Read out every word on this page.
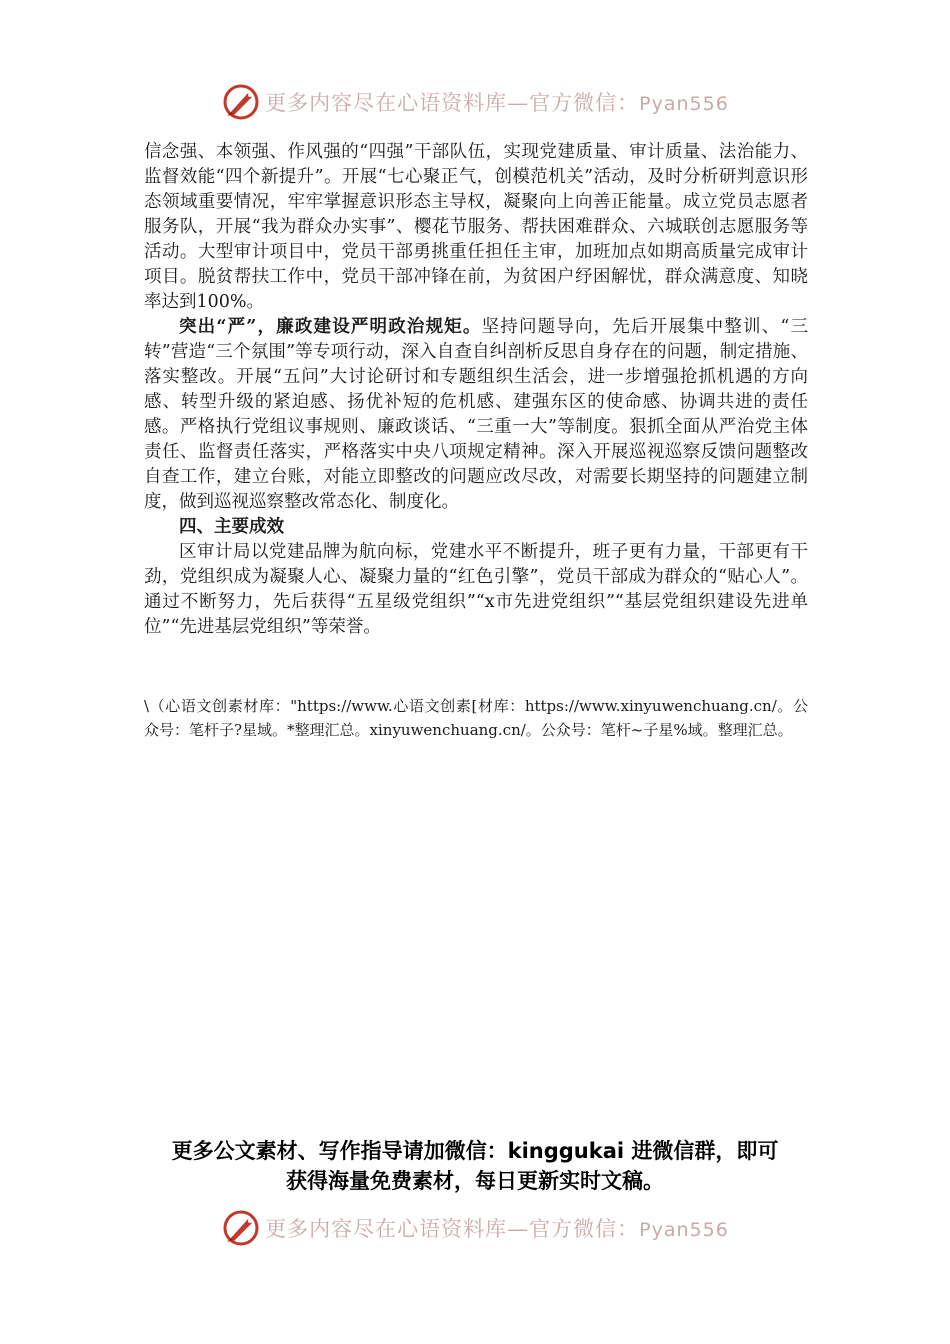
更多内容尽在心语资料库—官方微信：Pyan556

信念强、本领强、作风强的“四强”干部队伍，实现党建质量、审计质量、法治能力、监督效能“四个新提升”。开展“七心聚正气，创模范机关”活动，及时分析研判意识形态领域重要情况，牢牢掌握意识形态主导权，凝聚向上向善正能量。成立党员志愿者服务队，开展“我为群众办实事”、樱花节服务、帮扶困难群众、六城联创志愿服务等活动。大型审计项目中，党员干部勇挑重任担任主审，加班加点如期高质量完成审计项目。脱贫帮扶工作中，党员干部冲锋在前，为贫困户纾困解忧，群众满意度、知晓率达到100%。

突出“严”，廉政建设严明政治规矩。坚持问题导向，先后开展集中整训、“三转”营造“三个氛围”等专项行动，深入自查自纠剖析反思自身存在的问题，制定措施、落实整改。开展“五问”大讨论研讨和专题组织生活会，进一步增强抢抓机遇的方向感、转型升级的紧迫感、扬优补短的危机感、建强东区的使命感、协调共进的责任感。严格执行党组议事规则、廉政谈话、“三重一大”等制度。狠抓全面从严治党主体责任、监督责任落实，严格落实中央八项规定精神。深入开展巡视巡察反馈问题整改自查工作，建立台账，对能立即整改的问题应改尽改，对需要长期坚持的问题建立制度，做到巡视巡察整改常态化、制度化。

四、主要成效

区审计局以党建品牌为航向标，党建水平不断提升，班子更有力量，干部更有干劲，党组织成为凝聚人心、凝聚力量的“红色引擎”，党员干部成为群众的“贴心人”。通过不断努力，先后获得“五星级党组织”“x市先进党组织”“基层党组织建设先进单位”“先进基层党组织”等荣誉。

\（心语文创素材库："https://www.心语文创素[材库：https://www.xinyuwenchuang.cn/。公众号：笔杆子?星域。*整理汇总。xinyuwenchuang.cn/。公众号：笔杆~子星%域。整理汇总。
更多公文素材、写作指导请加微信：kinggukai 进微信群，即可
获得海量免费素材，每日更新实时文稿。
更多内容尽在心语资料库—官方微信：Pyan556
